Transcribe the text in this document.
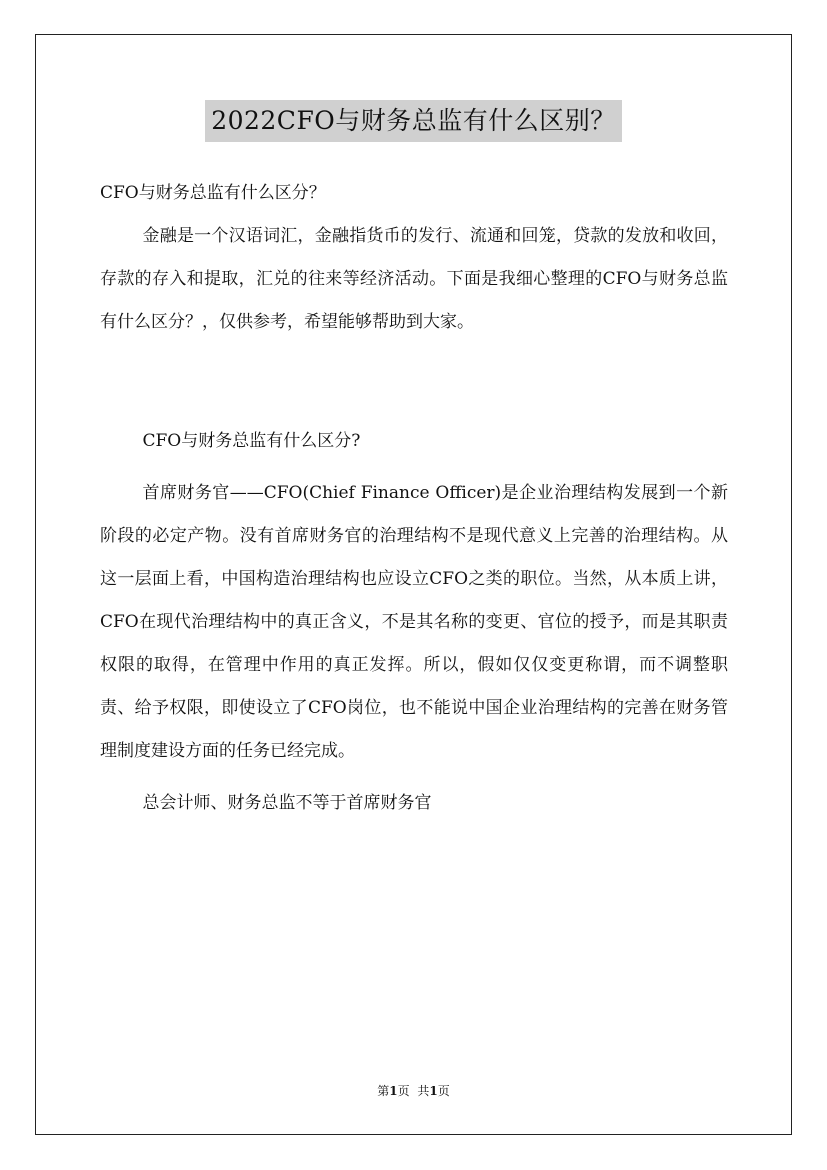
2022CFO与财务总监有什么区别？

CFO与财务总监有什么区分？

金融是一个汉语词汇，金融指货币的发行、流通和回笼，贷款的发放和收回，存款的存入和提取，汇兑的往来等经济活动。下面是我细心整理的CFO与财务总监有什么区分？，仅供参考，希望能够帮助到大家。

CFO与财务总监有什么区分?

首席财务官——CFO(Chief Finance Officer)是企业治理结构发展到一个新阶段的必定产物。没有首席财务官的治理结构不是现代意义上完善的治理结构。从这一层面上看，中国构造治理结构也应设立CFO之类的职位。当然，从本质上讲，CFO在现代治理结构中的真正含义，不是其名称的变更、官位的授予，而是其职责权限的取得，在管理中作用的真正发挥。所以，假如仅仅变更称谓，而不调整职责、给予权限，即使设立了CFO岗位，也不能说中国企业治理结构的完善在财务管理制度建设方面的任务已经完成。

总会计师、财务总监不等于首席财务官

第1页 共1页
